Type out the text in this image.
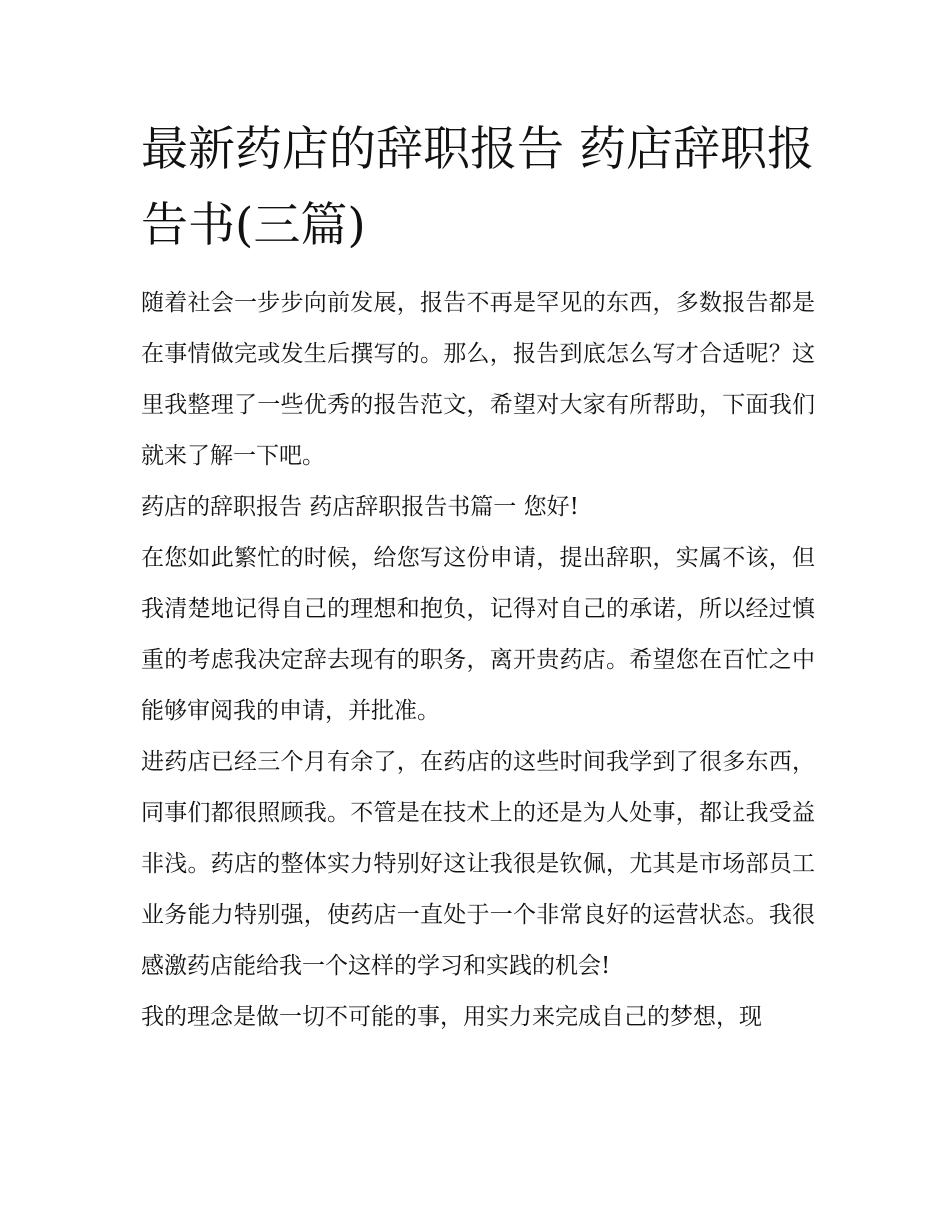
最新药店的辞职报告 药店辞职报告书(三篇)

随着社会一步步向前发展，报告不再是罕见的东西，多数报告都是在事情做完或发生后撰写的。那么，报告到底怎么写才合适呢？这里我整理了一些优秀的报告范文，希望对大家有所帮助，下面我们就来了解一下吧。

药店的辞职报告 药店辞职报告书篇一 您好!

在您如此繁忙的时候，给您写这份申请，提出辞职，实属不该，但我清楚地记得自己的理想和抱负，记得对自己的承诺，所以经过慎重的考虑我决定辞去现有的职务，离开贵药店。希望您在百忙之中能够审阅我的申请，并批准。

进药店已经三个月有余了，在药店的这些时间我学到了很多东西，同事们都很照顾我。不管是在技术上的还是为人处事，都让我受益非浅。药店的整体实力特别好这让我很是钦佩，尤其是市场部员工业务能力特别强，使药店一直处于一个非常良好的运营状态。我很感激药店能给我一个这样的学习和实践的机会!

我的理念是做一切不可能的事，用实力来完成自己的梦想，现
